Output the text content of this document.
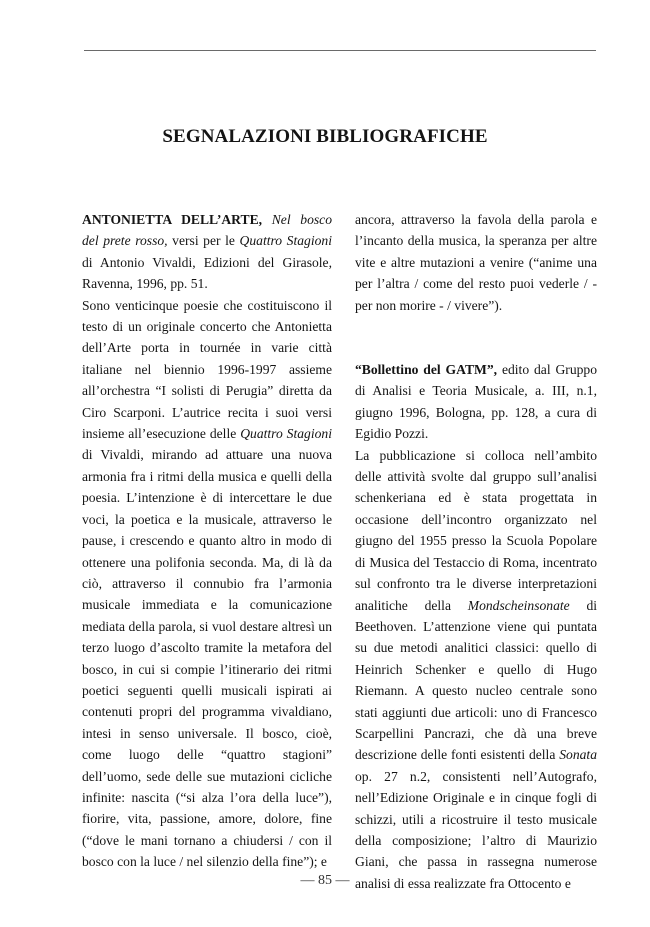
SEGNALAZIONI BIBLIOGRAFICHE

ANTONIETTA DELL’ARTE, Nel bosco del prete rosso, versi per le Quattro Stagioni di Antonio Vivaldi, Edizioni del Girasole, Ravenna, 1996, pp. 51.

Sono venticinque poesie che costituiscono il testo di un originale concerto che Antonietta dell’Arte porta in tournée in varie città italiane nel biennio 1996-1997 assieme all’orchestra “I solisti di Perugia” diretta da Ciro Scarponi. L’autrice recita i suoi versi insieme all’esecuzione delle Quattro Stagioni di Vivaldi, mirando ad attuare una nuova armonia fra i ritmi della musica e quelli della poesia. L’intenzione è di intercettare le due voci, la poetica e la musicale, attraverso le pause, i crescendo e quanto altro in modo di ottenere una polifonia seconda. Ma, di là da ciò, attraverso il connubio fra l’armonia musicale immediata e la comunicazione mediata della parola, si vuol destare altresì un terzo luogo d’ascolto tramite la metafora del bosco, in cui si compie l’itinerario dei ritmi poetici seguenti quelli musicali ispirati ai contenuti propri del programma vivaldiano, intesi in senso universale. Il bosco, cioè, come luogo delle “quattro stagioni” dell’uomo, sede delle sue mutazioni cicliche infinite: nascita (“si alza l’ora della luce”), fiorire, vita, passione, amore, dolore, fine (“dove le mani tornano a chiudersi / con il bosco con la luce / nel silenzio della fine”); e

ancora, attraverso la favola della parola e l’incanto della musica, la speranza per altre vite e altre mutazioni a venire (“anime una per l’altra / come del resto puoi vederle / - per non morire - / vivere”).

“Bollettino del GATM”, edito dal Gruppo di Analisi e Teoria Musicale, a. III, n.1, giugno 1996, Bologna, pp. 128, a cura di Egidio Pozzi.

La pubblicazione si colloca nell’ambito delle attività svolte dal gruppo sull’analisi schenkeriana ed è stata progettata in occasione dell’incontro organizzato nel giugno del 1955 presso la Scuola Popolare di Musica del Testaccio di Roma, incentrato sul confronto tra le diverse interpretazioni analitiche della Mondscheinsonate di Beethoven. L’attenzione viene qui puntata su due metodi analitici classici: quello di Heinrich Schenker e quello di Hugo Riemann. A questo nucleo centrale sono stati aggiunti due articoli: uno di Francesco Scarpellini Pancrazi, che dà una breve descrizione delle fonti esistenti della Sonata op. 27 n.2, consistenti nell’Autografo, nell’Edizione Originale e in cinque fogli di schizzi, utili a ricostruire il testo musicale della composizione; l’altro di Maurizio Giani, che passa in rassegna numerose analisi di essa realizzate fra Ottocento e

— 85 —
